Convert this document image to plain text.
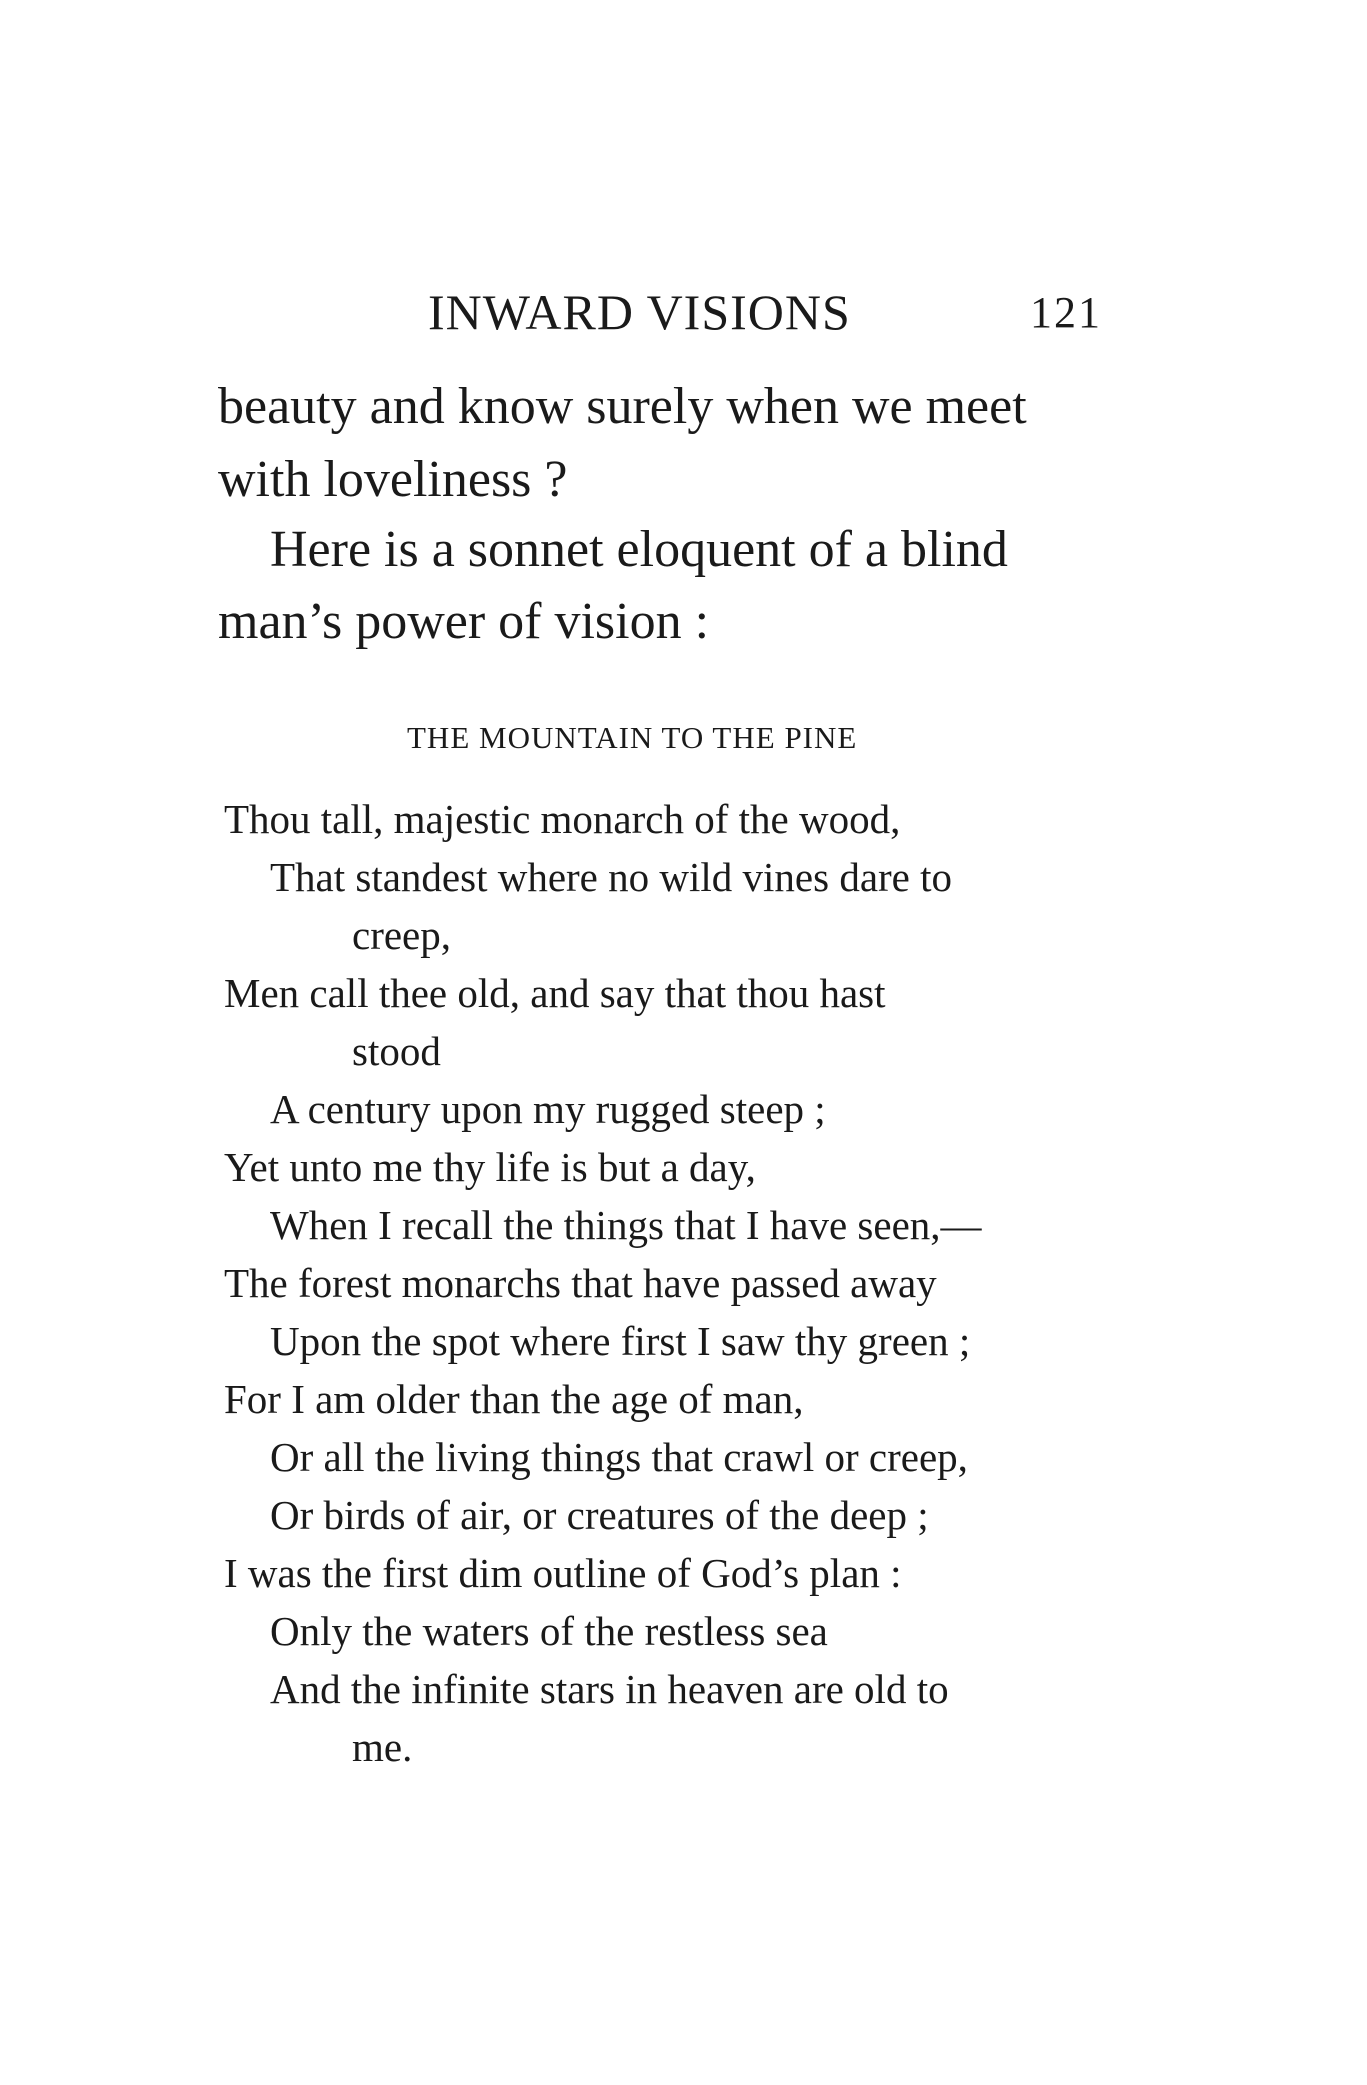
INWARD VISIONS	121
beauty and know surely when we meet
with loveliness ?
Here is a sonnet eloquent of a blind
man’s power of vision :
THE MOUNTAIN TO THE PINE
Thou tall, majestic monarch of the wood,
That standest where no wild vines dare to
creep,
Men call thee old, and say that thou hast
stood
A century upon my rugged steep ;
Yet unto me thy life is but a day,
When I recall the things that I have seen,—
The forest monarchs that have passed away
Upon the spot where first I saw thy green ;
For I am older than the age of man,
Or all the living things that crawl or creep,
Or birds of air, or creatures of the deep ;
I was the first dim outline of God’s plan :
Only the waters of the restless sea
And the infinite stars in heaven are old to
me.
